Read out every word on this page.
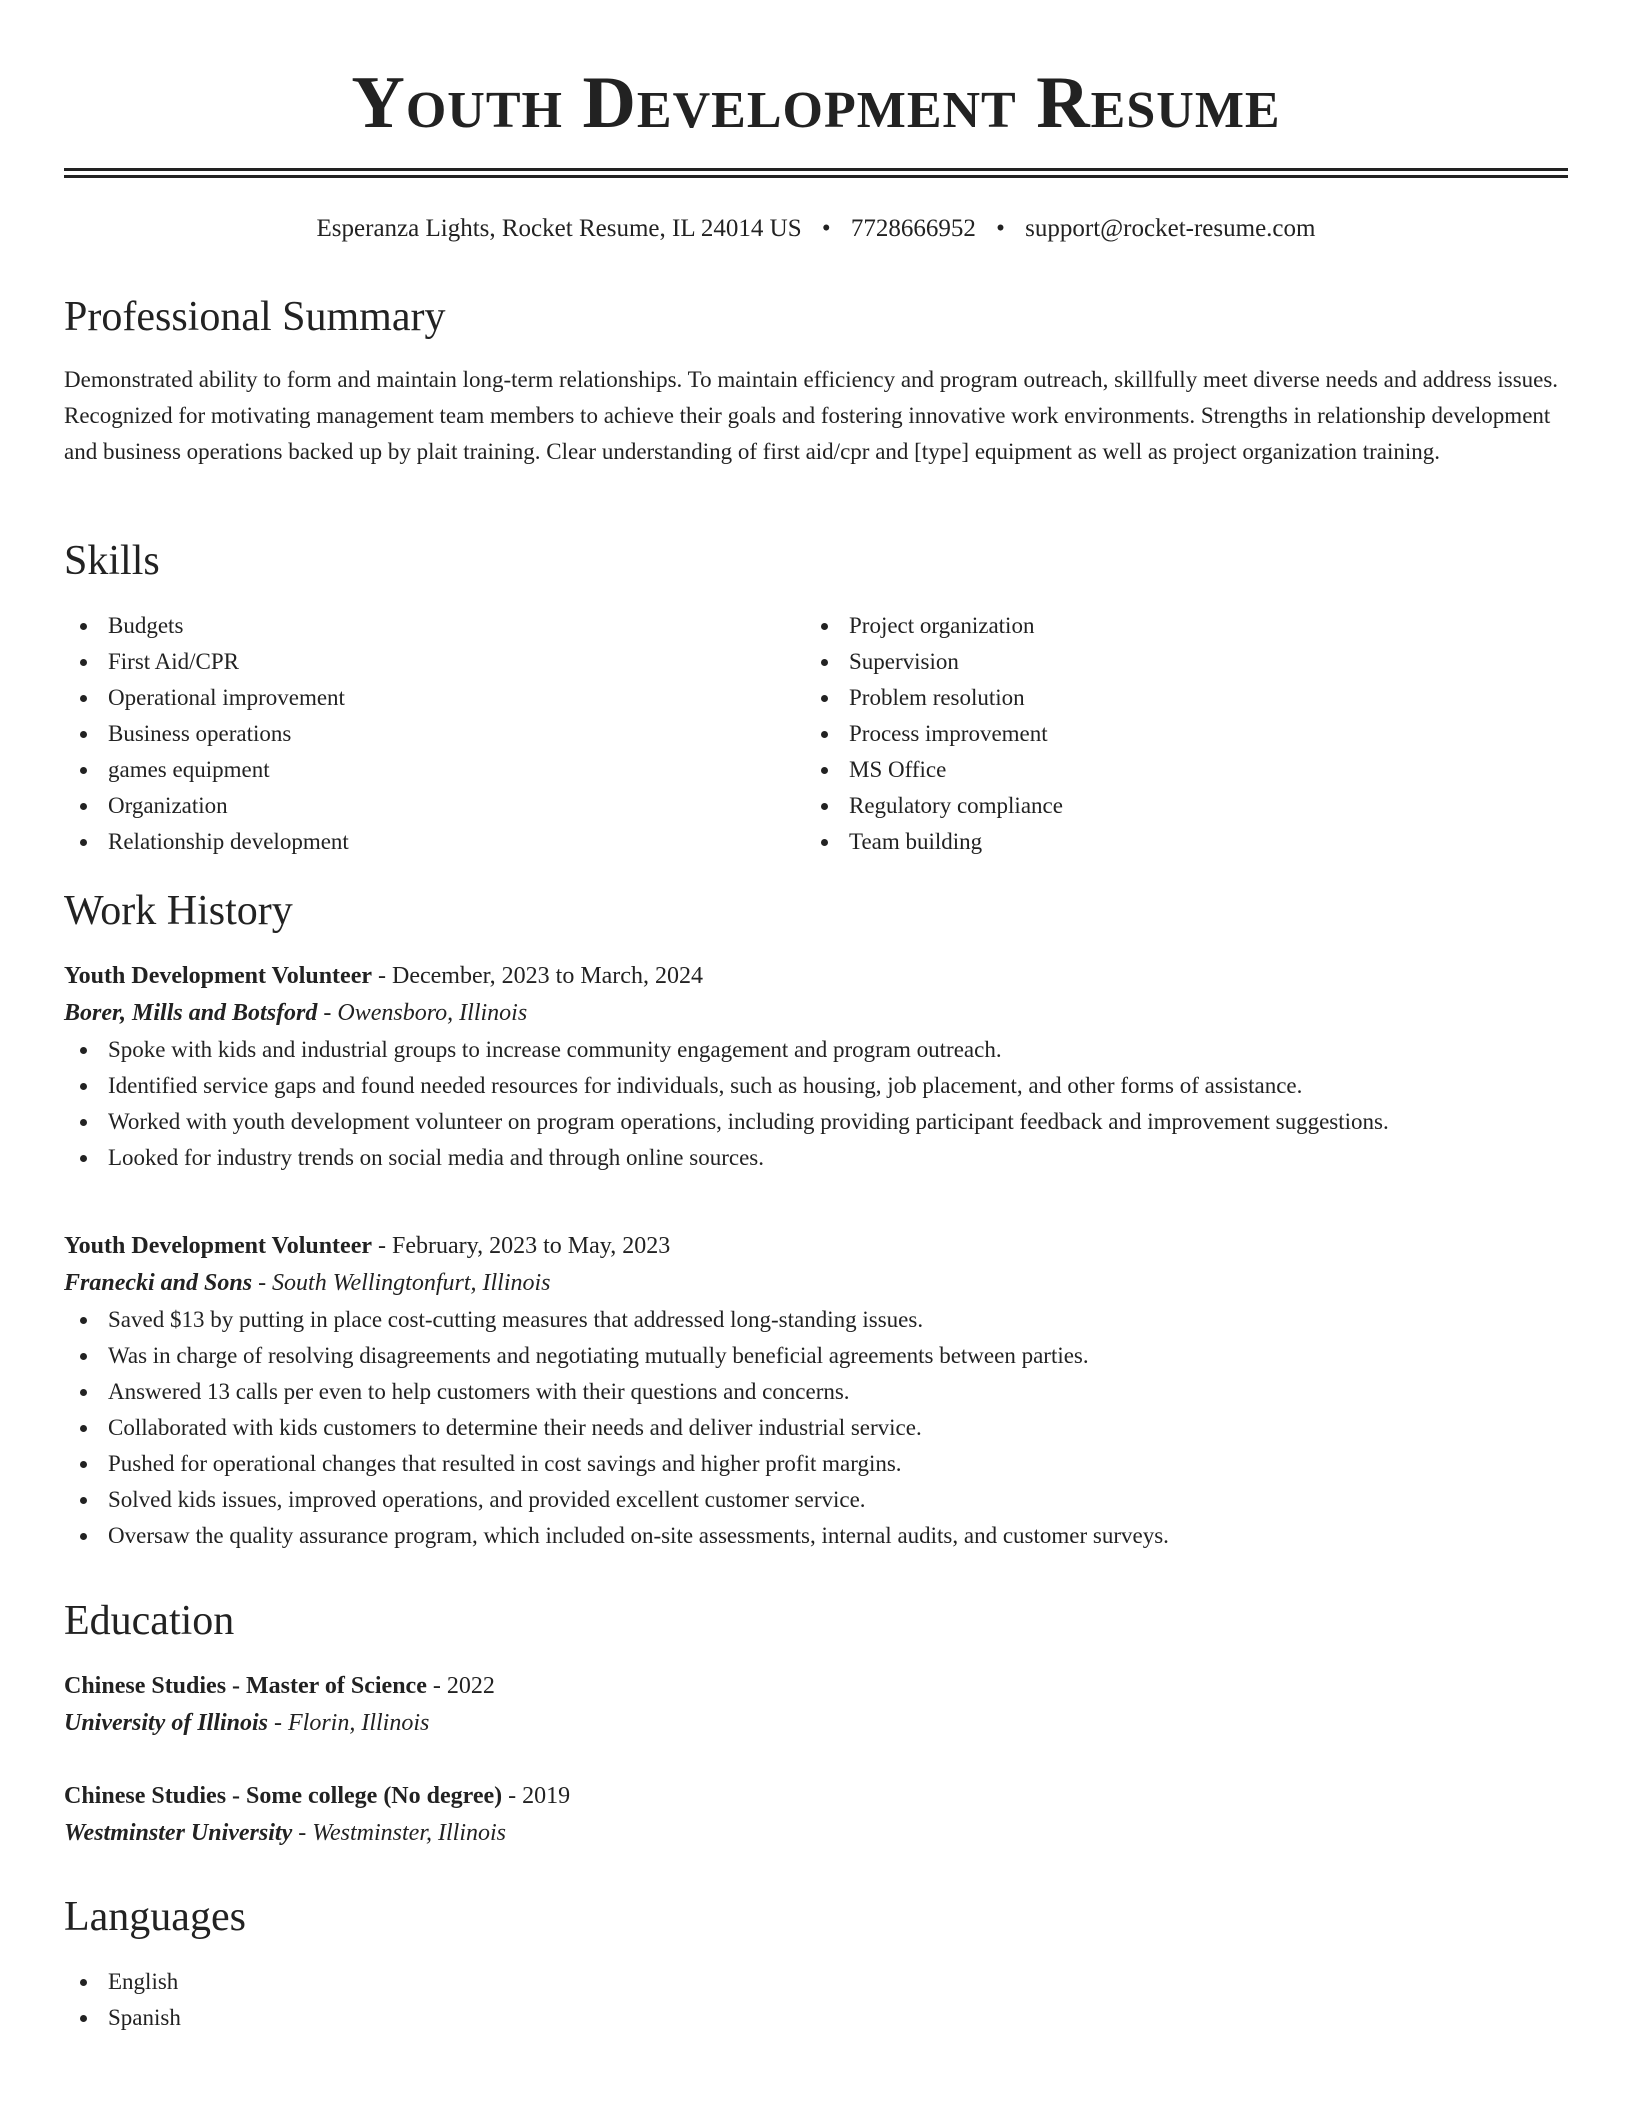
Youth Development Resume
Esperanza Lights, Rocket Resume, IL 24014 US • 7728666952 • support@rocket-resume.com
Professional Summary

Demonstrated ability to form and maintain long-term relationships. To maintain efficiency and program outreach, skillfully meet diverse needs and address issues. Recognized for motivating management team members to achieve their goals and fostering innovative work environments. Strengths in relationship development and business operations backed up by plait training. Clear understanding of first aid/cpr and [type] equipment as well as project organization training.

Skills
Budgets
First Aid/CPR
Operational improvement
Business operations
games equipment
Organization
Relationship development
Project organization
Supervision
Problem resolution
Process improvement
MS Office
Regulatory compliance
Team building
Work History
Youth Development Volunteer - December, 2023 to March, 2024
Borer, Mills and Botsford - Owensboro, Illinois
Spoke with kids and industrial groups to increase community engagement and program outreach.
Identified service gaps and found needed resources for individuals, such as housing, job placement, and other forms of assistance.
Worked with youth development volunteer on program operations, including providing participant feedback and improvement suggestions.
Looked for industry trends on social media and through online sources.
Youth Development Volunteer - February, 2023 to May, 2023
Franecki and Sons - South Wellingtonfurt, Illinois
Saved $13 by putting in place cost-cutting measures that addressed long-standing issues.
Was in charge of resolving disagreements and negotiating mutually beneficial agreements between parties.
Answered 13 calls per even to help customers with their questions and concerns.
Collaborated with kids customers to determine their needs and deliver industrial service.
Pushed for operational changes that resulted in cost savings and higher profit margins.
Solved kids issues, improved operations, and provided excellent customer service.
Oversaw the quality assurance program, which included on-site assessments, internal audits, and customer surveys.
Education
Chinese Studies - Master of Science - 2022
University of Illinois - Florin, Illinois
Chinese Studies - Some college (No degree) - 2019
Westminster University - Westminster, Illinois
Languages
English
Spanish
